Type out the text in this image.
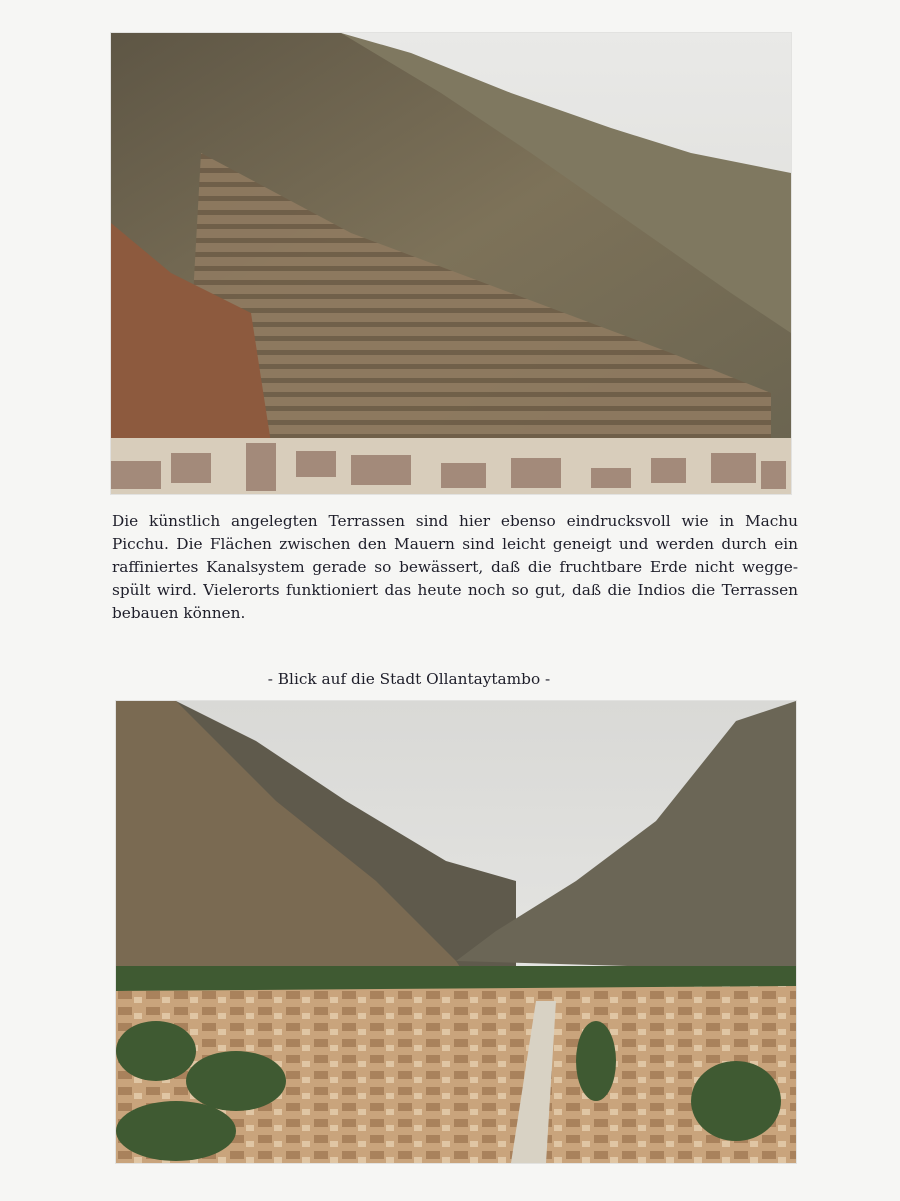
Die künstlich angelegten Terrassen sind hier ebenso eindrucksvoll wie in Machu Picchu. Die Flächen zwischen den Mauern sind leicht geneigt und werden durch ein raffiniertes Kanalsystem gerade so bewässert, daß die fruchtbare Erde nicht weggespült wird. Vielerorts funktioniert das heute noch so gut, daß die Indios die Terrassen bebauen können.

- Blick auf die Stadt Ollantaytambo -
